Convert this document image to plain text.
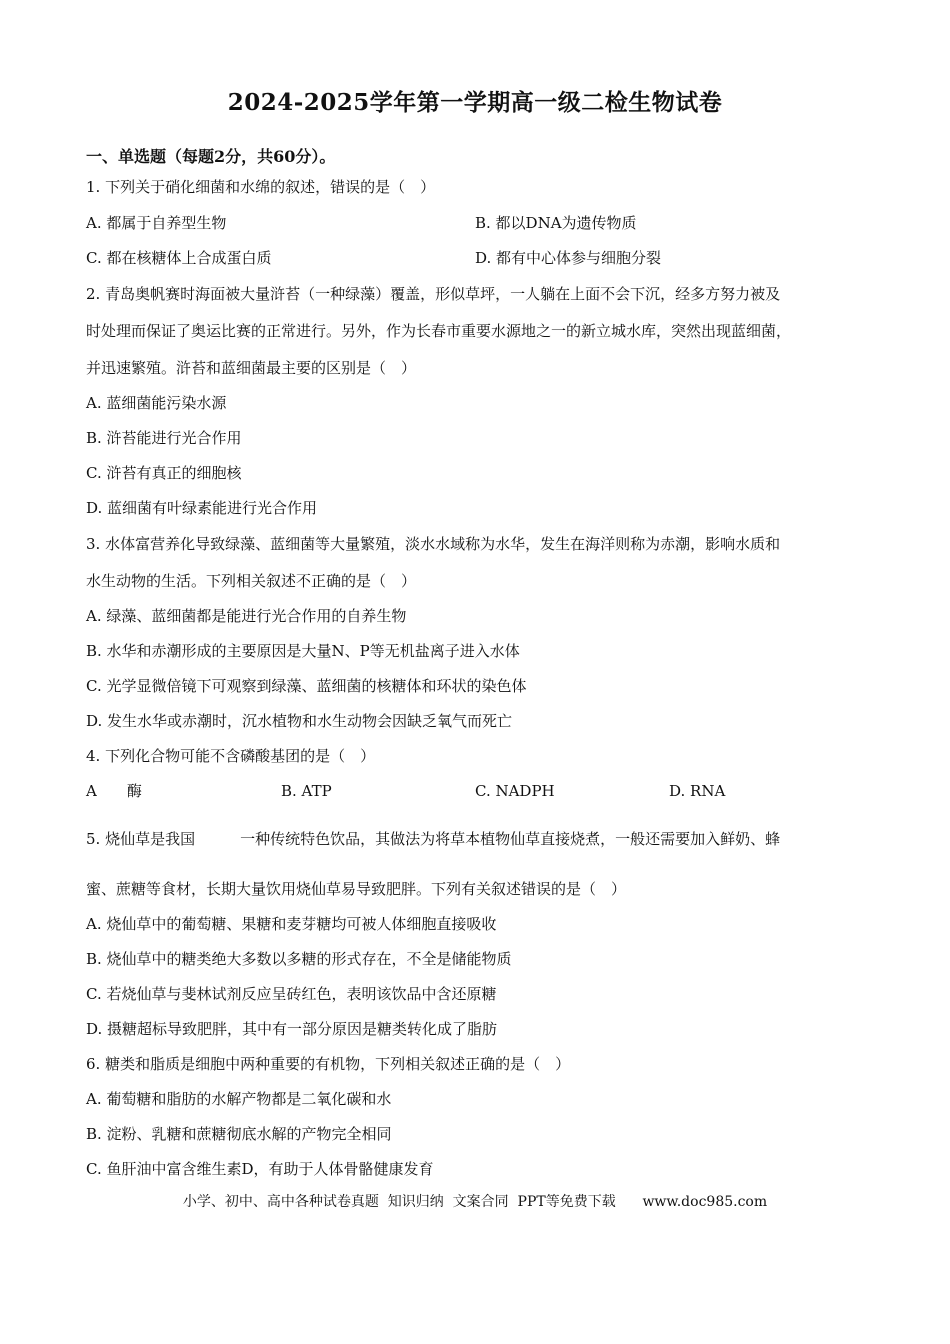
2024-2025学年第一学期高一级二检生物试卷
一、单选题（每题2分，共60分）。
1. 下列关于硝化细菌和水绵的叙述，错误的是（　）
A. 都属于自养型生物	B. 都以DNA为遗传物质
C. 都在核糖体上合成蛋白质	D. 都有中心体参与细胞分裂
2. 青岛奥帆赛时海面被大量浒苔（一种绿藻）覆盖，形似草坪，一人躺在上面不会下沉，经多方努力被及
时处理而保证了奥运比赛的正常进行。另外，作为长春市重要水源地之一的新立城水库，突然出现蓝细菌，
并迅速繁殖。浒苔和蓝细菌最主要的区别是（　）
A. 蓝细菌能污染水源
B. 浒苔能进行光合作用
C. 浒苔有真正的细胞核
D. 蓝细菌有叶绿素能进行光合作用
3. 水体富营养化导致绿藻、蓝细菌等大量繁殖，淡水水域称为水华，发生在海洋则称为赤潮，影响水质和
水生动物的生活。下列相关叙述不正确的是（　）
A. 绿藻、蓝细菌都是能进行光合作用的自养生物
B. 水华和赤潮形成的主要原因是大量N、P等无机盐离子进入水体
C. 光学显微倍镜下可观察到绿藻、蓝细菌的核糖体和环状的染色体
D. 发生水华或赤潮时，沉水植物和水生动物会因缺乏氧气而死亡
4. 下列化合物可能不含磷酸基团的是（　）
A　　酶	B. ATP	C. NADPH	D. RNA
5. 烧仙草是我国　　　一种传统特色饮品，其做法为将草本植物仙草直接烧煮，一般还需要加入鲜奶、蜂
蜜、蔗糖等食材，长期大量饮用烧仙草易导致肥胖。下列有关叙述错误的是（　）
A. 烧仙草中的葡萄糖、果糖和麦芽糖均可被人体细胞直接吸收
B. 烧仙草中的糖类绝大多数以多糖的形式存在，不全是储能物质
C. 若烧仙草与斐林试剂反应呈砖红色，表明该饮品中含还原糖
D. 摄糖超标导致肥胖，其中有一部分原因是糖类转化成了脂肪
6. 糖类和脂质是细胞中两种重要的有机物，下列相关叙述正确的是（　）
A. 葡萄糖和脂肪的水解产物都是二氧化碳和水
B. 淀粉、乳糖和蔗糖彻底水解的产物完全相同
C. 鱼肝油中富含维生素D，有助于人体骨骼健康发育
小学、初中、高中各种试卷真题  知识归纳  文案合同  PPT等免费下载      www.doc985.com
